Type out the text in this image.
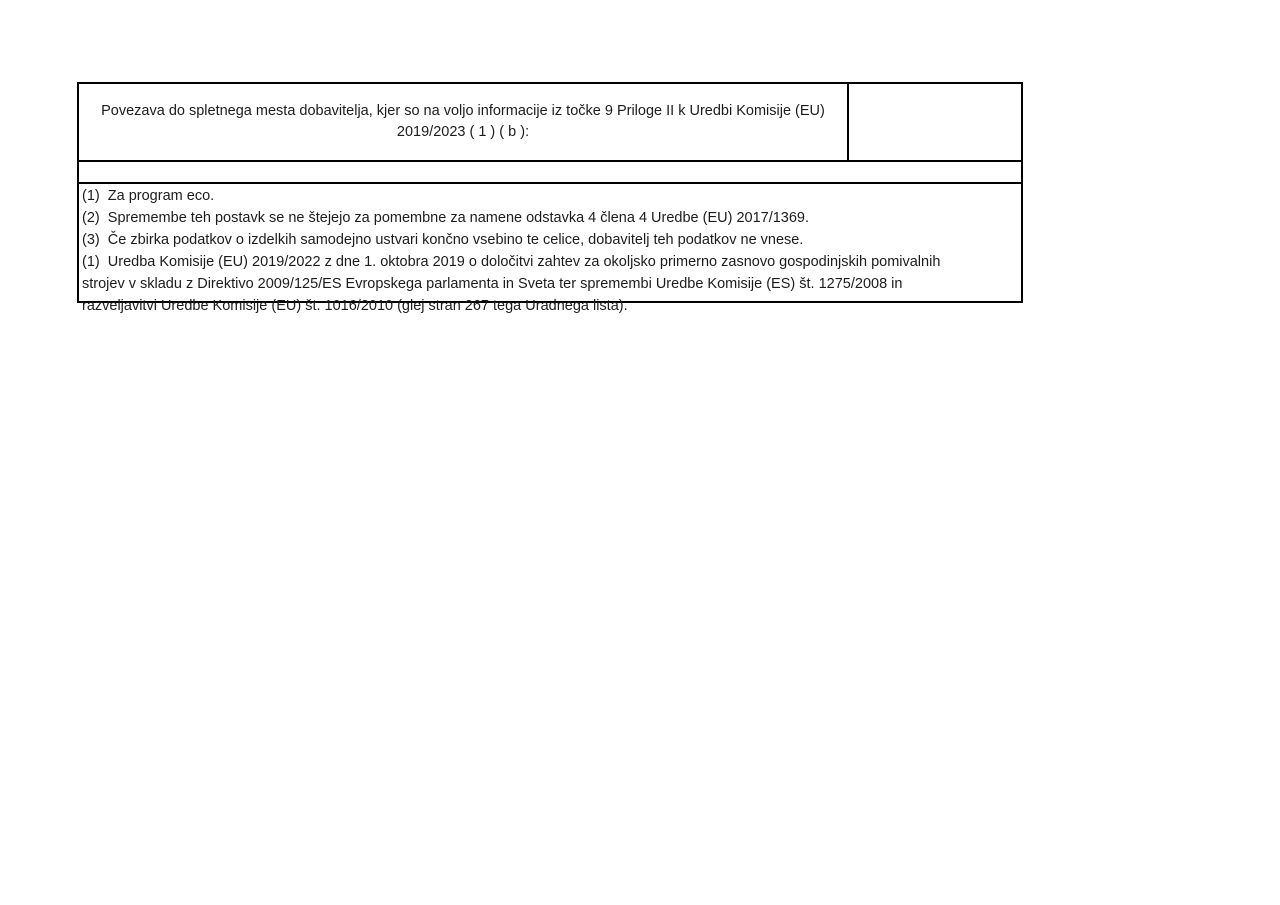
Povezava do spletnega mesta dobavitelja, kjer so na voljo informacije iz točke 9 Priloge II k Uredbi Komisije (EU)
2019/2023 ( 1 ) ( b ):
(1)  Za program eco.
(2)  Spremembe teh postavk se ne štejejo za pomembne za namene odstavka 4 člena 4 Uredbe (EU) 2017/1369.
(3)  Če zbirka podatkov o izdelkih samodejno ustvari končno vsebino te celice, dobavitelj teh podatkov ne vnese.
(1)  Uredba Komisije (EU) 2019/2022 z dne 1. oktobra 2019 o določitvi zahtev za okoljsko primerno zasnovo gospodinjskih pomivalnih
strojev v skladu z Direktivo 2009/125/ES Evropskega parlamenta in Sveta ter spremembi Uredbe Komisije (ES) št. 1275/2008 in
razveljavitvi Uredbe Komisije (EU) št. 1016/2010 (glej stran 267 tega Uradnega lista).
